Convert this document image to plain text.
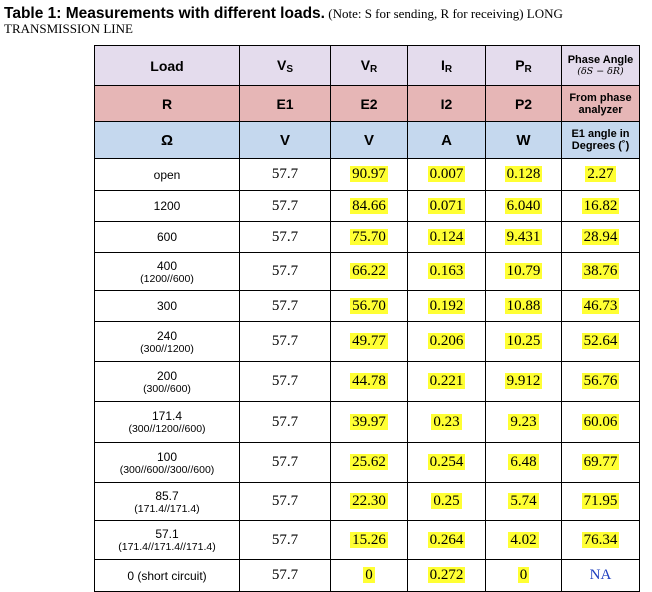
Table 1: Measurements with different loads. (Note: S for sending, R for receiving) LONG TRANSMISSION LINE
Load	$V_S$	$V_R$	$I_R$	$P_R$	Phase Angle
(δS − δR)

R	E1	E2	I2	P2	From phase analyzer
Ω	V	V	A	W	E1 angle in Degrees (˚)

open	57.7	90.97	0.007	0.128	2.27

1200	57.7	84.66	0.071	6.040	16.82

600	57.7	75.70	0.124	9.431	28.94

400
(1200//600)	57.7	66.22	0.163	10.79	38.76

300	57.7	56.70	0.192	10.88	46.73

240
(300//1200)	57.7	49.77	0.206	10.25	52.64

200
(300//600)	57.7	44.78	0.221	9.912	56.76

171.4
(300//1200//600)	57.7	39.97	0.23	9.23	60.06

100
(300//600//300//600)	57.7	25.62	0.254	6.48	69.77

85.7
(171.4//171.4)	57.7	22.30	0.25	5.74	71.95

57.1
(171.4//171.4//171.4)	57.7	15.26	0.264	4.02	76.34

0 (short circuit)	57.7	0	0.272	0	NA
